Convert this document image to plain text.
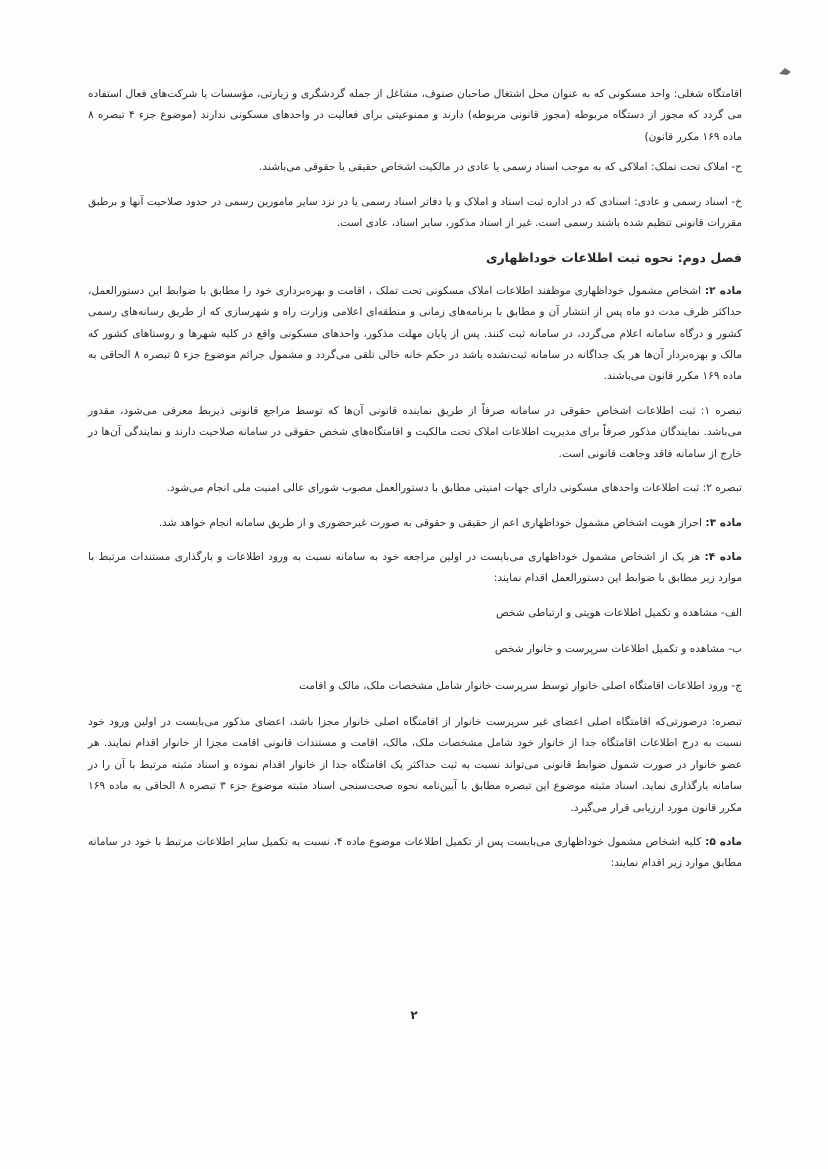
اقامتگاه شغلی: واحد مسکونی که به عنوان محل اشتغال صاحبان صنوف، مشاغل از جمله گردشگری و زیارتی، مؤسسات یا شرکت‌های فعال استفاده می گردد که مجوز از دستگاه مربوطه (مجوز قانونی مربوطه) دارند و ممنوعیتی برای فعالیت در واحدهای مسکونی ندارند (موضوع جزء ۴ تبصره ۸ ماده ۱۶۹ مکرر قانون)

ح- املاک تحت تملک: املاکی که به موجب اسناد رسمی یا عادی در مالکیت اشخاص حقیقی یا حقوقی می‌باشند.

خ- اسناد رسمی و عادی: اسنادی که در اداره ثبت اسناد و املاک و یا دفاتر اسناد رسمی یا در نزد سایر مامورین رسمی در حدود صلاحیت آنها و برطبق مقررات قانونی تنظیم شده باشند رسمی است. غیر از اسناد مذکور، سایر اسناد، عادی است.

فصل دوم: نحوه ثبت اطلاعات خوداظهاری

ماده ۲: اشخاص مشمول خوداظهاری موظفند اطلاعات املاک مسکونی تحت تملک ، اقامت و بهره‌برداری خود را مطابق با ضوابط این دستورالعمل، حداکثر ظرف مدت دو ماه پس از انتشار آن و مطابق با برنامه‌های زمانی و منطقه‌ای اعلامی وزارت راه و شهرسازی که از طریق رسانه‌های رسمی کشور و درگاه سامانه اعلام می‌گردد، در سامانه ثبت کنند. پس از پایان مهلت مذکور، واحدهای مسکونی واقع در کلیه شهرها و روستاهای کشور که مالک و بهره‌بردار آن‌ها هر یک جداگانه در سامانه ثبت‌نشده باشد در حکم خانه خالی تلقی می‌گردد و مشمول جرائم موضوع جزء ۵ تبصره ۸ الحاقی به ماده ۱۶۹ مکرر قانون می‌باشند.

تبصره ۱: ثبت اطلاعات اشخاص حقوقی در سامانه صرفاً از طریق نماینده قانونی آن‌ها که توسط مراجع قانونی ذیربط معرفی می‌شود، مقدور می‌باشد. نمایندگان مذکور صرفاً برای مدیریت اطلاعات املاک تحت مالکیت و اقامتگاه‌های شخص حقوقی در سامانه صلاحیت دارند و نمایندگی آن‌ها در خارج از سامانه فاقد وجاهت قانونی است.

تبصره ۲: ثبت اطلاعات واحدهای مسکونی دارای جهات امنیتی مطابق با دستورالعمل مصوب شورای عالی امنیت ملی انجام می‌شود.

ماده ۳: احراز هویت اشخاص مشمول خوداظهاری اعم از حقیقی و حقوقی به صورت غیرحضوری و از طریق سامانه انجام خواهد شد.

ماده ۴: هر یک از اشخاص مشمول خوداظهاری می‌بایست در اولین مراجعه خود به سامانه نسبت به ورود اطلاعات و بارگذاری مستندات مرتبط با موارد زیر مطابق با ضوابط این دستورالعمل اقدام نمایند:

الف- مشاهده و تکمیل اطلاعات هویتی و ارتباطی شخص

ب- مشاهده و تکمیل اطلاعات سرپرست و خانوار شخص

ج- ورود اطلاعات اقامتگاه اصلی خانوار توسط سرپرست خانوار شامل مشخصات ملک، مالک و اقامت

تبصره: درصورتی‌که اقامتگاه اصلی اعضای غیر سرپرست خانوار از اقامتگاه اصلی خانوار مجزا باشد، اعضای مذکور می‌بایست در اولین ورود خود نسبت به درج اطلاعات اقامتگاه جدا از خانوار خود شامل مشخصات ملک، مالک، اقامت و مستندات قانونی اقامت مجزا از خانوار اقدام نمایند. هر عضو خانوار در صورت شمول ضوابط قانونی می‌تواند نسبت به ثبت حداکثر یک اقامتگاه جدا از خانوار اقدام نموده و اسناد مثبته مرتبط با آن را در سامانه بارگذاری نماید. اسناد مثبته موضوع این تبصره مطابق با آیین‌نامه نحوه صحت‌سنجی اسناد مثبته موضوع جزء ۳ تبصره ۸ الحاقی به ماده ۱۶۹ مکرر قانون مورد ارزیابی قرار می‌گیرد.

ماده ۵: کلیه اشخاص مشمول خوداظهاری می‌بایست پس از تکمیل اطلاعات موضوع ماده ۴، نسبت به تکمیل سایر اطلاعات مرتبط با خود در سامانه مطابق موارد زیر اقدام نمایند:

۲
